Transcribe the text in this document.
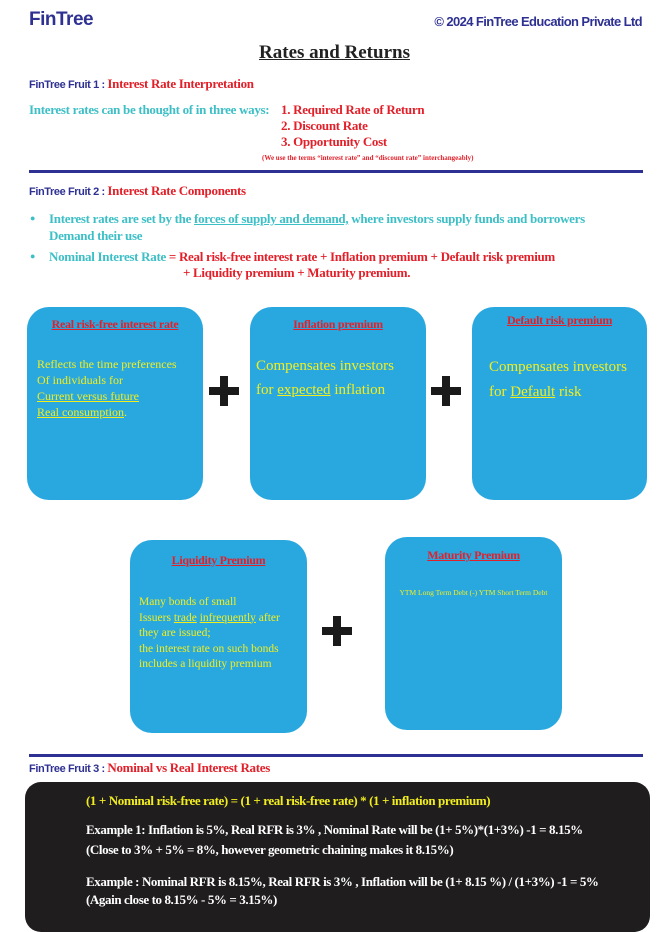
FinTree	© 2024 FinTree Education Private Ltd
Rates and Returns
FinTree Fruit 1 : Interest Rate Interpretation
Interest rates can be thought of in three ways: 1. Required Rate of Return
2. Discount Rate
3. Opportunity Cost
(We use the terms “interest rate” and “discount rate” interchangeably)
FinTree Fruit 2 : Interest Rate Components
● Interest rates are set by the forces of supply and demand, where investors supply funds and borrowers
Demand their use
● Nominal Interest Rate = Real risk-free interest rate + Inflation premium + Default risk premium
+ Liquidity premium + Maturity premium.
Real risk-free interest rate
Reflects the time preferences
Of individuals for
Current versus future
Real consumption.
Inflation premium
Compensates investors
for expected inflation
Default risk premium
Compensates investors
for Default risk
Liquidity Premium
Many bonds of small
Issuers trade infrequently after
they are issued;
the interest rate on such bonds
includes a liquidity premium
Maturity Premium
YTM Long Term Debt (-) YTM Short Term Debt
FinTree Fruit 3 : Nominal vs Real Interest Rates
(1 + Nominal risk-free rate) = (1 + real risk-free rate) * (1 + inflation premium)
Example 1: Inflation is 5%, Real RFR is 3% , Nominal Rate will be (1+ 5%)*(1+3%) -1 = 8.15%
(Close to 3% + 5% = 8%, however geometric chaining makes it 8.15%)
Example : Nominal RFR is 8.15%, Real RFR is 3% , Inflation will be (1+ 8.15 %) / (1+3%) -1 = 5%
(Again close to 8.15% - 5% = 3.15%)
